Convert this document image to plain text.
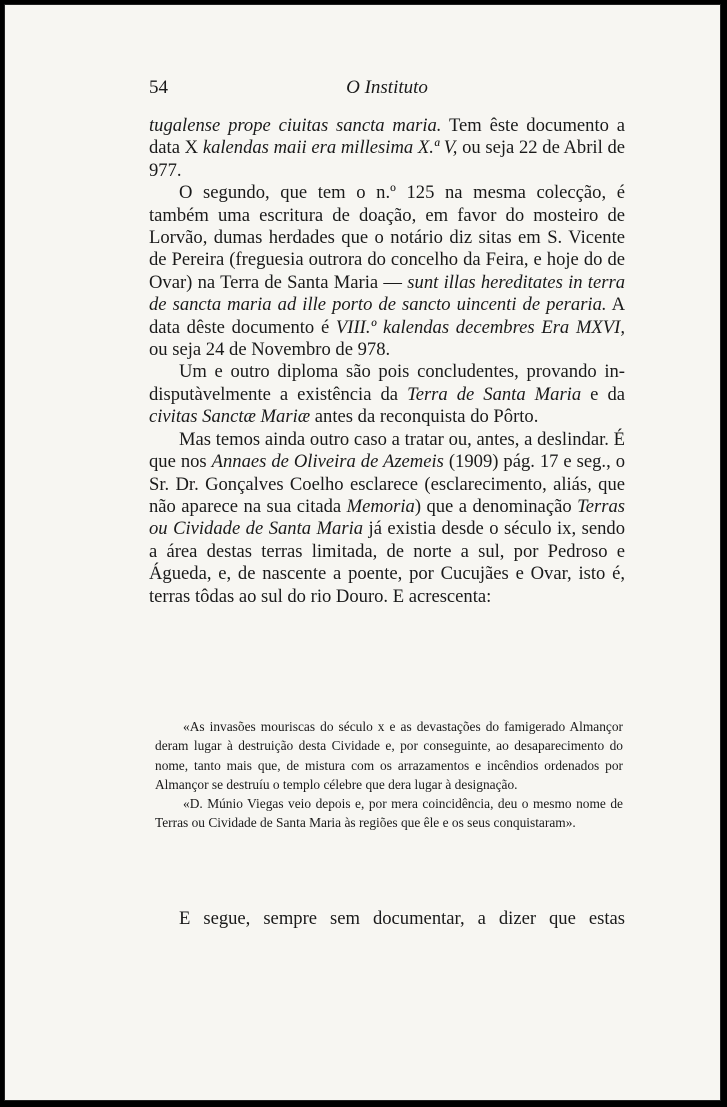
54	O Instituto

tugalense prope ciuitas sancta maria. Tem êste documento a data X kalendas maii era millesima X.ª V, ou seja 22 de Abril de 977.

O segundo, que tem o n.º 125 na mesma colecção, é também uma escritura de doação, em favor do mosteiro de Lorvão, dumas herdades que o notário diz sitas em S. Vicente de Pereira (freguesia outrora do concelho da Feira, e hoje do de Ovar) na Terra de Santa Maria — sunt illas hereditates in terra de sancta maria ad ille porto de sancto uincenti de peraria. A data dêste documento é VIII.º kalendas decembres Era MXVI, ou seja 24 de Novembro de 978.

Um e outro diploma são pois concludentes, provando indisputàvelmente a existência da Terra de Santa Maria e da civitas Sanctæ Mariæ antes da reconquista do Pôrto.

Mas temos ainda outro caso a tratar ou, antes, a deslindar. É que nos Annaes de Oliveira de Azemeis (1909) pág. 17 e seg., o Sr. Dr. Gonçalves Coelho esclarece (esclarecimento, aliás, que não aparece na sua citada Memoria) que a denominação Terras ou Cividade de Santa Maria já existia desde o século ix, sendo a área destas terras limitada, de norte a sul, por Pedroso e Águeda, e, de nascente a poente, por Cucujães e Ovar, isto é, terras tôdas ao sul do rio Douro. E acrescenta:

«As invasões mouriscas do século x e as devastações do famigerado Almançor deram lugar à destruição desta Cividade e, por conseguinte, ao desaparecimento do nome, tanto mais que, de mistura com os arrazamentos e incêndios ordenados por Almançor se destruíu o templo célebre que dera lugar à designação.

«D. Múnio Viegas veio depois e, por mera coincidência, deu o mesmo nome de Terras ou Cividade de Santa Maria às regiões que êle e os seus conquistaram».

E segue, sempre sem documentar, a dizer que estas
